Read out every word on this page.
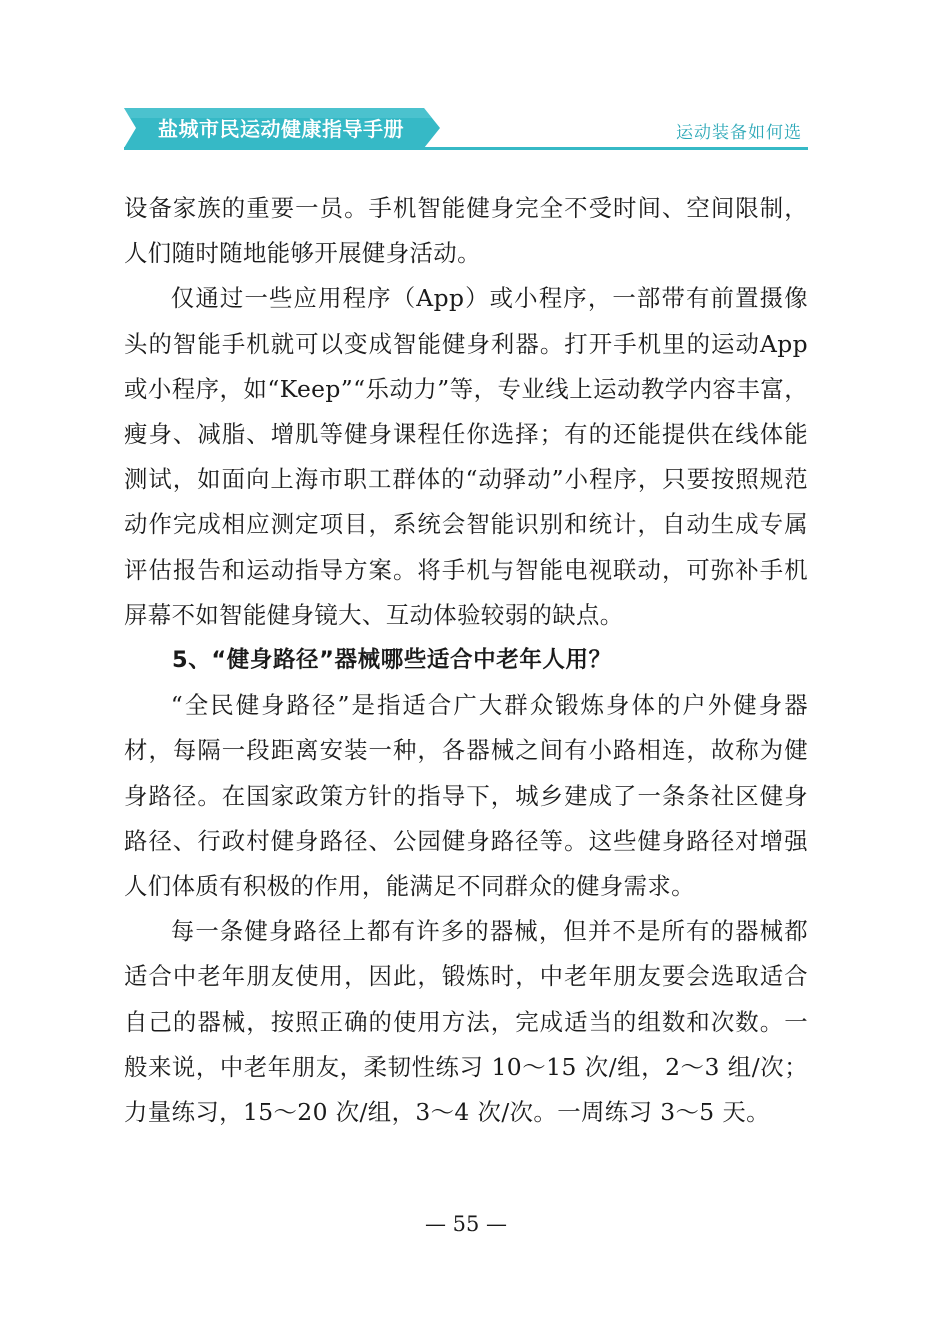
盐城市民运动健康指导手册	运动装备如何选

设备家族的重要一员。手机智能健身完全不受时间、空间限制，人们随时随地能够开展健身活动。

仅通过一些应用程序（App）或小程序，一部带有前置摄像头的智能手机就可以变成智能健身利器。打开手机里的运动App或小程序，如“Keep”“乐动力”等，专业线上运动教学内容丰富，瘦身、减脂、增肌等健身课程任你选择；有的还能提供在线体能测试，如面向上海市职工群体的“动驿动”小程序，只要按照规范动作完成相应测定项目，系统会智能识别和统计，自动生成专属评估报告和运动指导方案。将手机与智能电视联动，可弥补手机屏幕不如智能健身镜大、互动体验较弱的缺点。

5、“健身路径”器械哪些适合中老年人用？

“全民健身路径”是指适合广大群众锻炼身体的户外健身器材，每隔一段距离安装一种，各器械之间有小路相连，故称为健身路径。在国家政策方针的指导下，城乡建成了一条条社区健身路径、行政村健身路径、公园健身路径等。这些健身路径对增强人们体质有积极的作用，能满足不同群众的健身需求。

每一条健身路径上都有许多的器械，但并不是所有的器械都适合中老年朋友使用，因此，锻炼时，中老年朋友要会选取适合自己的器械，按照正确的使用方法，完成适当的组数和次数。一般来说，中老年朋友，柔韧性练习 10～15 次/组，2～3 组/次；力量练习，15～20 次/组，3～4 次/次。一周练习 3～5 天。

— 55 —
